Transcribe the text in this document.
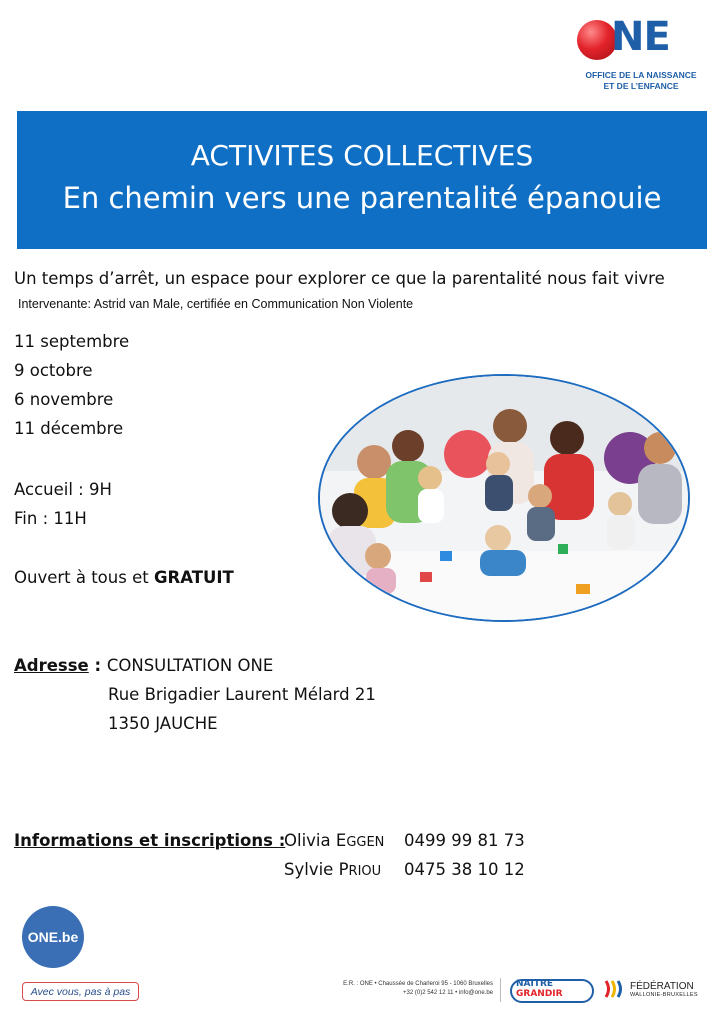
NE
OFFICE DE LA NAISSANCE
ET DE L’ENFANCE
ACTIVITES COLLECTIVES
En chemin vers une parentalité épanouie
Un temps d’arrêt, un espace pour explorer ce que la parentalité nous fait vivre
Intervenante: Astrid van Male, certifiée en Communication Non Violente
11 septembre
9 octobre
6 novembre
11 décembre
Accueil : 9H
Fin : 11H
Ouvert à tous et GRATUIT
Adresse : CONSULTATION ONE
Rue Brigadier Laurent Mélard 21
1350 JAUCHE
Informations et inscriptions :
Olivia EGGEN 0499 99 81 73
Sylvie PRIOU 0475 38 10 12
ONE.be
Avec vous, pas à pas
E.R. : ONE • Chaussée de Charleroi 95 - 1060 Bruxelles
+32 (0)2 542 12 11 • info@one.be
NAITRE
GRANDIR
FÉDÉRATION
WALLONIE-BRUXELLES
